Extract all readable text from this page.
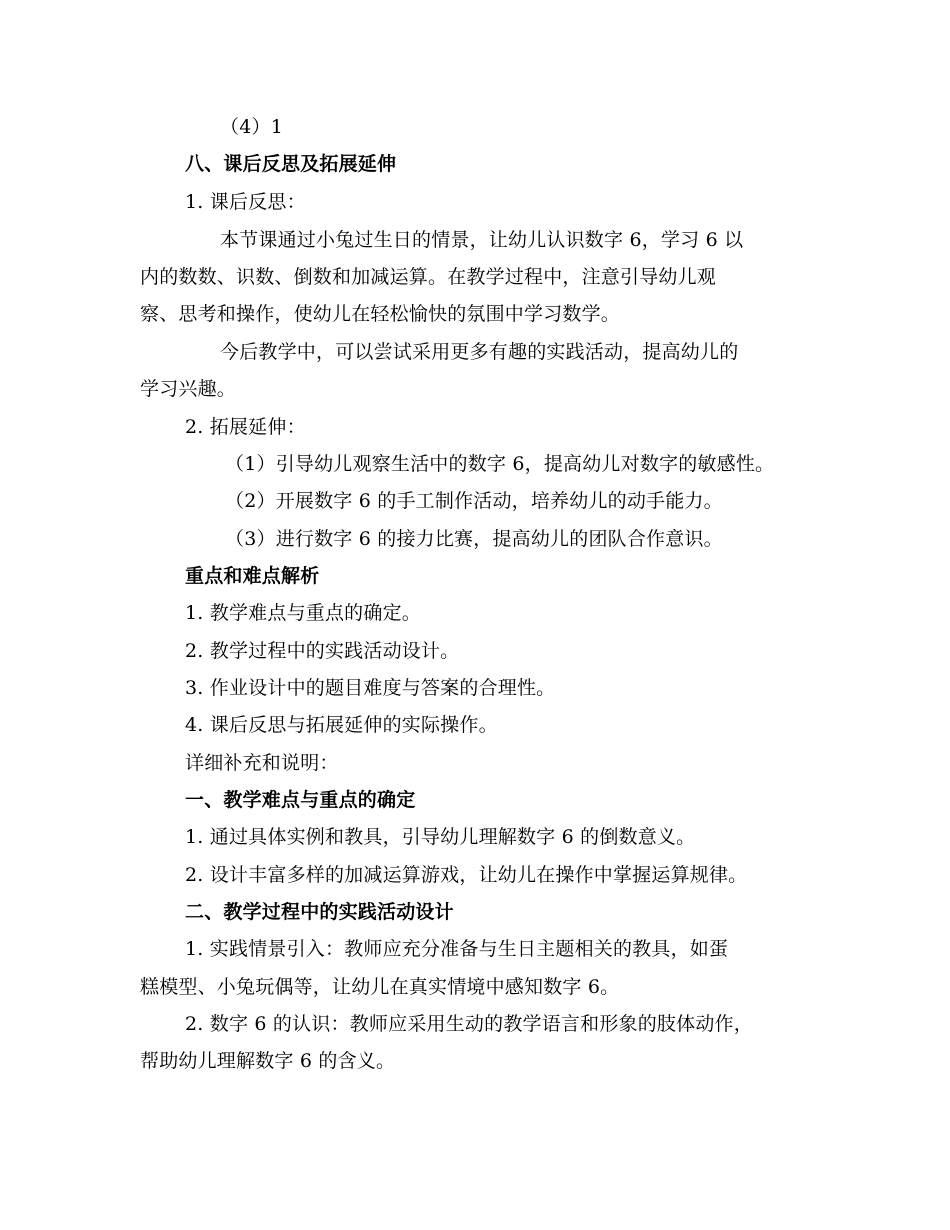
（4）1
八、课后反思及拓展延伸
1. 课后反思：
本节课通过小兔过生日的情景，让幼儿认识数字 6，学习 6 以
内的数数、识数、倒数和加减运算。在教学过程中，注意引导幼儿观
察、思考和操作，使幼儿在轻松愉快的氛围中学习数学。
今后教学中，可以尝试采用更多有趣的实践活动，提高幼儿的
学习兴趣。
2. 拓展延伸：
（1）引导幼儿观察生活中的数字 6，提高幼儿对数字的敏感性。
（2）开展数字 6 的手工制作活动，培养幼儿的动手能力。
（3）进行数字 6 的接力比赛，提高幼儿的团队合作意识。
重点和难点解析
1. 教学难点与重点的确定。
2. 教学过程中的实践活动设计。
3. 作业设计中的题目难度与答案的合理性。
4. 课后反思与拓展延伸的实际操作。
详细补充和说明：
一、教学难点与重点的确定
1. 通过具体实例和教具，引导幼儿理解数字 6 的倒数意义。
2. 设计丰富多样的加减运算游戏，让幼儿在操作中掌握运算规律。
二、教学过程中的实践活动设计
1. 实践情景引入：教师应充分准备与生日主题相关的教具，如蛋
糕模型、小兔玩偶等，让幼儿在真实情境中感知数字 6。
2. 数字 6 的认识：教师应采用生动的教学语言和形象的肢体动作，
帮助幼儿理解数字 6 的含义。
